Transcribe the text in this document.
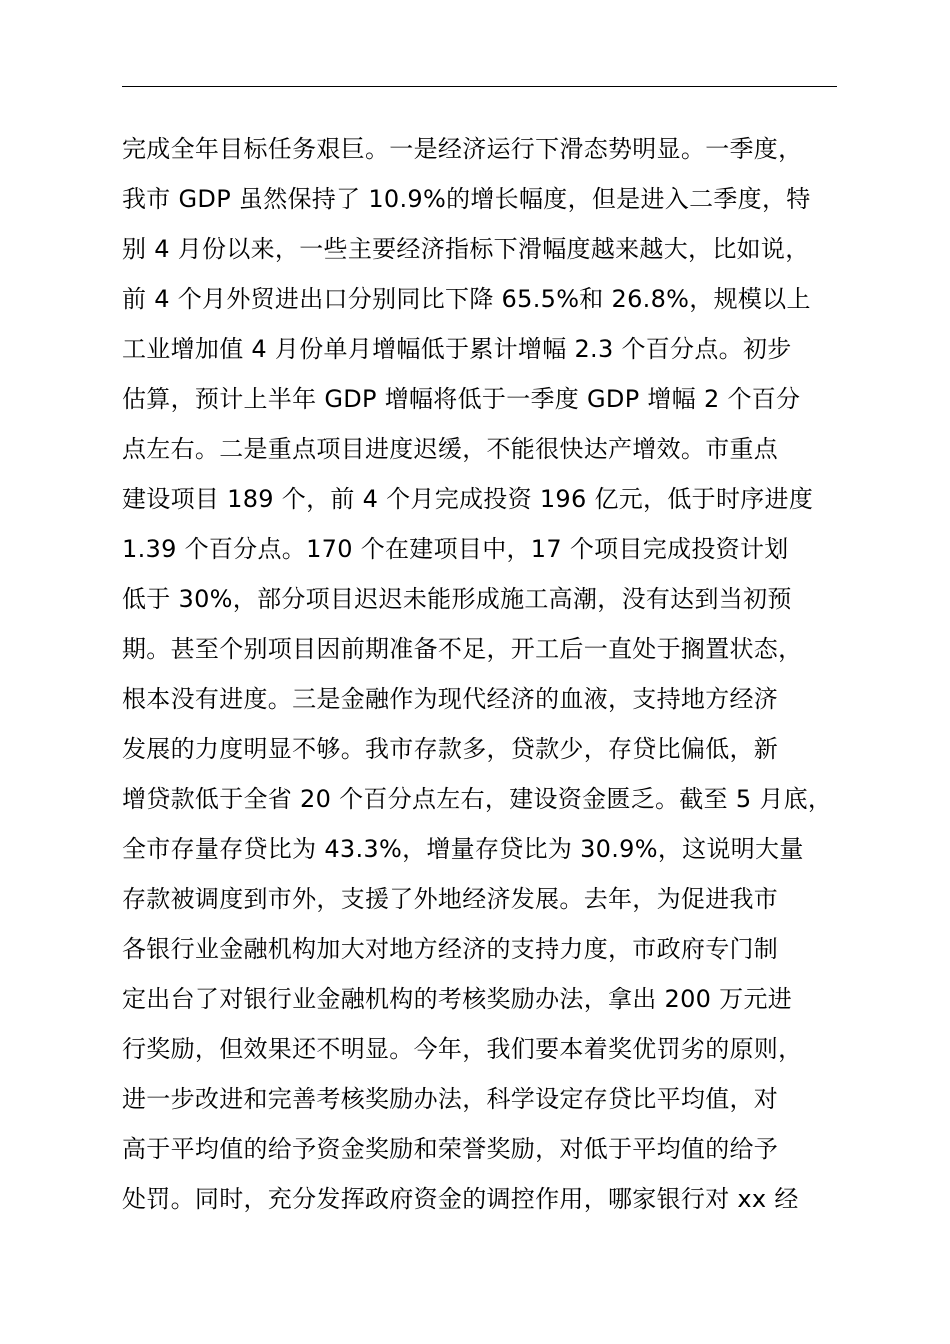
完成全年目标任务艰巨。一是经济运行下滑态势明显。一季度，
我市 GDP 虽然保持了 10.9%的增长幅度，但是进入二季度，特
别 4 月份以来，一些主要经济指标下滑幅度越来越大，比如说，
前 4 个月外贸进出口分别同比下降 65.5%和 26.8%，规模以上
工业增加值 4 月份单月增幅低于累计增幅 2.3 个百分点。初步
估算，预计上半年 GDP 增幅将低于一季度 GDP 增幅 2 个百分
点左右。二是重点项目进度迟缓，不能很快达产增效。市重点
建设项目 189 个，前 4 个月完成投资 196 亿元，低于时序进度
1.39 个百分点。170 个在建项目中，17 个项目完成投资计划
低于 30%，部分项目迟迟未能形成施工高潮，没有达到当初预
期。甚至个别项目因前期准备不足，开工后一直处于搁置状态，
根本没有进度。三是金融作为现代经济的血液，支持地方经济
发展的力度明显不够。我市存款多，贷款少，存贷比偏低，新
增贷款低于全省 20 个百分点左右，建设资金匮乏。截至 5 月底，
全市存量存贷比为 43.3%，增量存贷比为 30.9%，这说明大量
存款被调度到市外，支援了外地经济发展。去年，为促进我市
各银行业金融机构加大对地方经济的支持力度，市政府专门制
定出台了对银行业金融机构的考核奖励办法，拿出 200 万元进
行奖励，但效果还不明显。今年，我们要本着奖优罚劣的原则，
进一步改进和完善考核奖励办法，科学设定存贷比平均值，对
高于平均值的给予资金奖励和荣誉奖励，对低于平均值的给予
处罚。同时，充分发挥政府资金的调控作用，哪家银行对 xx 经
